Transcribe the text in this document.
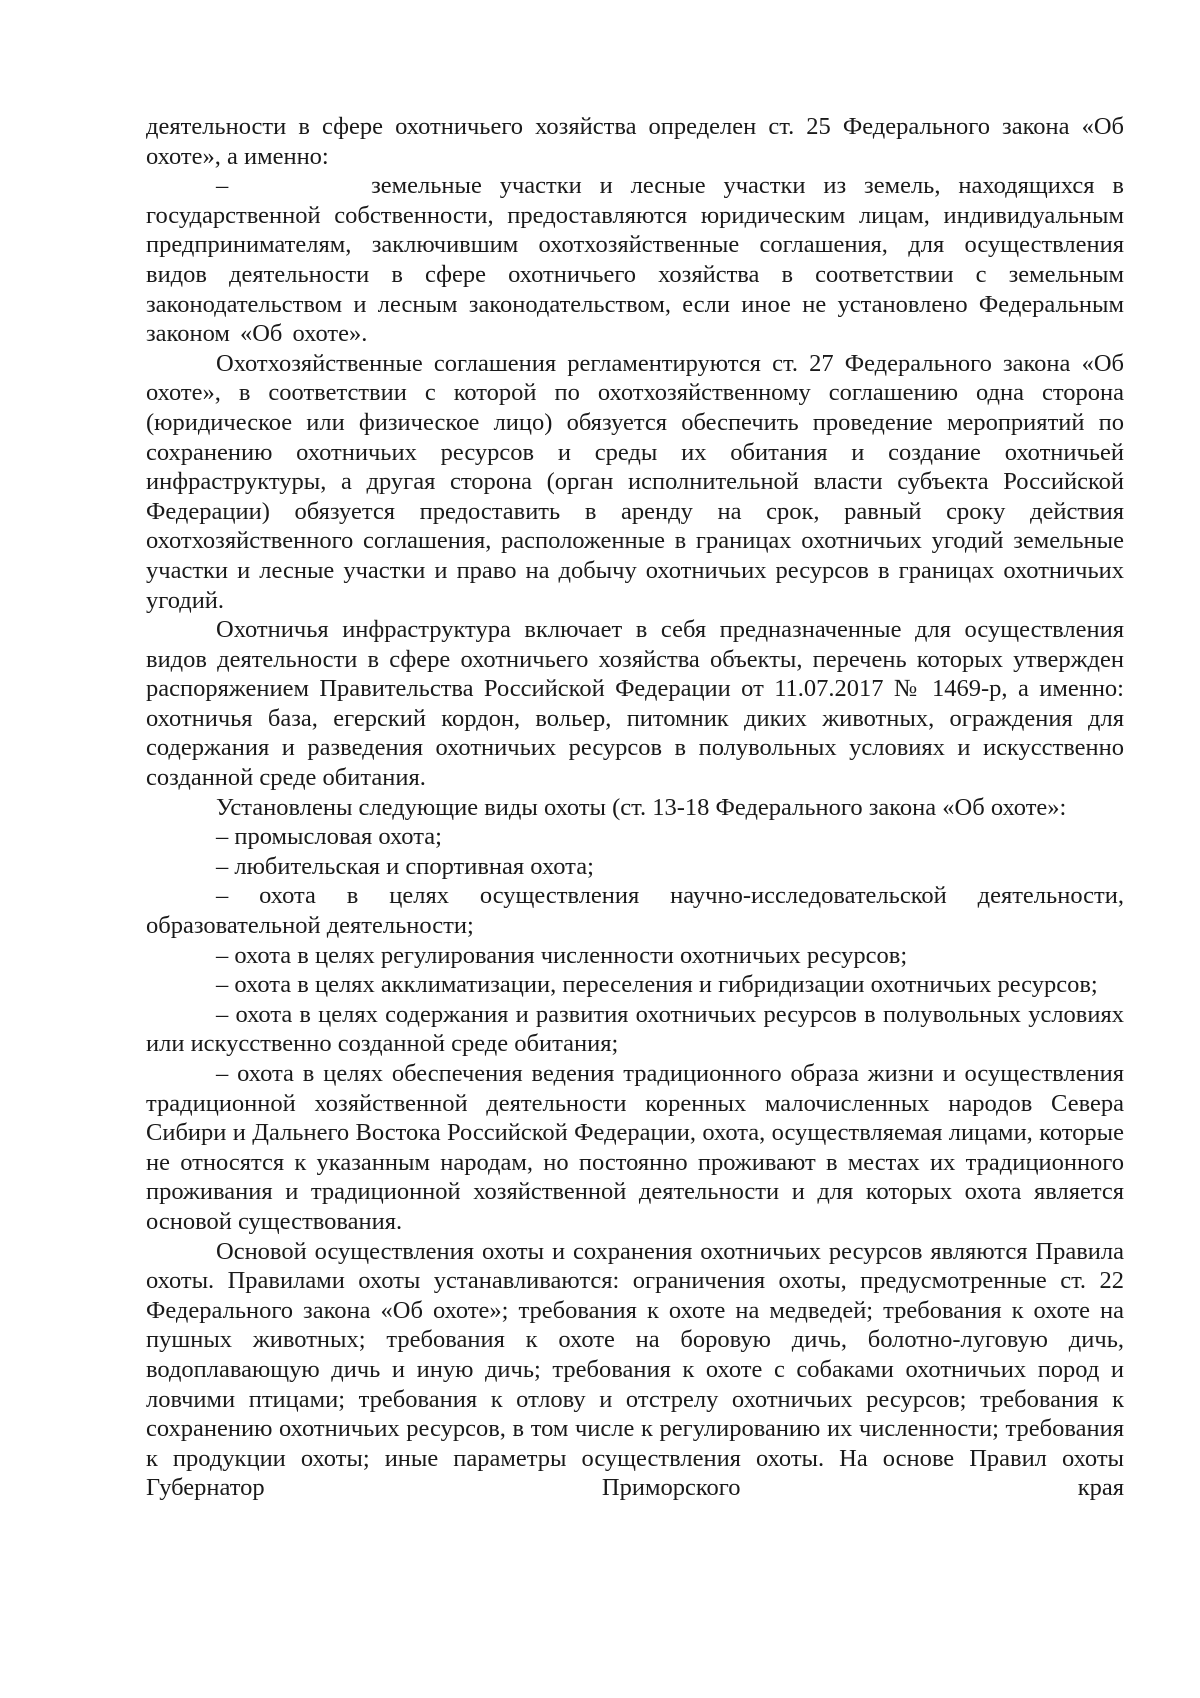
деятельности в сфере охотничьего хозяйства определен ст. 25 Федерального закона «Об охоте», а именно:

–        земельные участки и лесные участки из земель, находящихся в государственной собственности, предоставляются юридическим лицам, индивидуальным предпринимателям, заключившим охотхозяйственные соглашения, для осуществления видов деятельности в сфере охотничьего хозяйства в соответствии с земельным законодательством и лесным законодательством, если иное не установлено Федеральным законом «Об охоте».

Охотхозяйственные соглашения регламентируются ст. 27 Федерального закона «Об охоте», в соответствии с которой по охотхозяйственному соглашению одна сторона (юридическое или физическое лицо) обязуется обеспечить проведение мероприятий по сохранению охотничьих ресурсов и среды их обитания и создание охотничьей инфраструктуры, а другая сторона (орган исполнительной власти субъекта Российской Федерации) обязуется предоставить в аренду на срок, равный сроку действия охотхозяйственного соглашения, расположенные в границах охотничьих угодий земельные участки и лесные участки и право на добычу охотничьих ресурсов в границах охотничьих угодий.

Охотничья инфраструктура включает в себя предназначенные для осуществления видов деятельности в сфере охотничьего хозяйства объекты, перечень которых утвержден распоряжением Правительства Российской Федерации от 11.07.2017 № 1469-р, а именно: охотничья база, егерский кордон, вольер, питомник диких животных, ограждения для содержания и разведения охотничьих ресурсов в полувольных условиях и искусственно созданной среде обитания.

Установлены следующие виды охоты (ст. 13-18 Федерального закона «Об охоте»:

– промысловая охота;

– любительская и спортивная охота;

– охота в целях осуществления научно-исследовательской деятельности, образовательной деятельности;

– охота в целях регулирования численности охотничьих ресурсов;

– охота в целях акклиматизации, переселения и гибридизации охотничьих ресурсов;

– охота в целях содержания и развития охотничьих ресурсов в полувольных условиях или искусственно созданной среде обитания;

– охота в целях обеспечения ведения традиционного образа жизни и осуществления традиционной хозяйственной деятельности коренных малочисленных народов Севера Сибири и Дальнего Востока Российской Федерации, охота, осуществляемая лицами, которые не относятся к указанным народам, но постоянно проживают в местах их традиционного проживания и традиционной хозяйственной деятельности и для которых охота является основой существования.

Основой осуществления охоты и сохранения охотничьих ресурсов являются Правила охоты. Правилами охоты устанавливаются: ограничения охоты, предусмотренные ст. 22 Федерального закона «Об охоте»; требования к охоте на медведей; требования к охоте на пушных животных; требования к охоте на боровую дичь, болотно-луговую дичь, водоплавающую дичь и иную дичь; требования к охоте с собаками охотничьих пород и ловчими птицами; требования к отлову и отстрелу охотничьих ресурсов; требования к сохранению охотничьих ресурсов, в том числе к регулированию их численности; требования к продукции охоты; иные параметры осуществления охоты. На основе Правил охоты Губернатор Приморского края
